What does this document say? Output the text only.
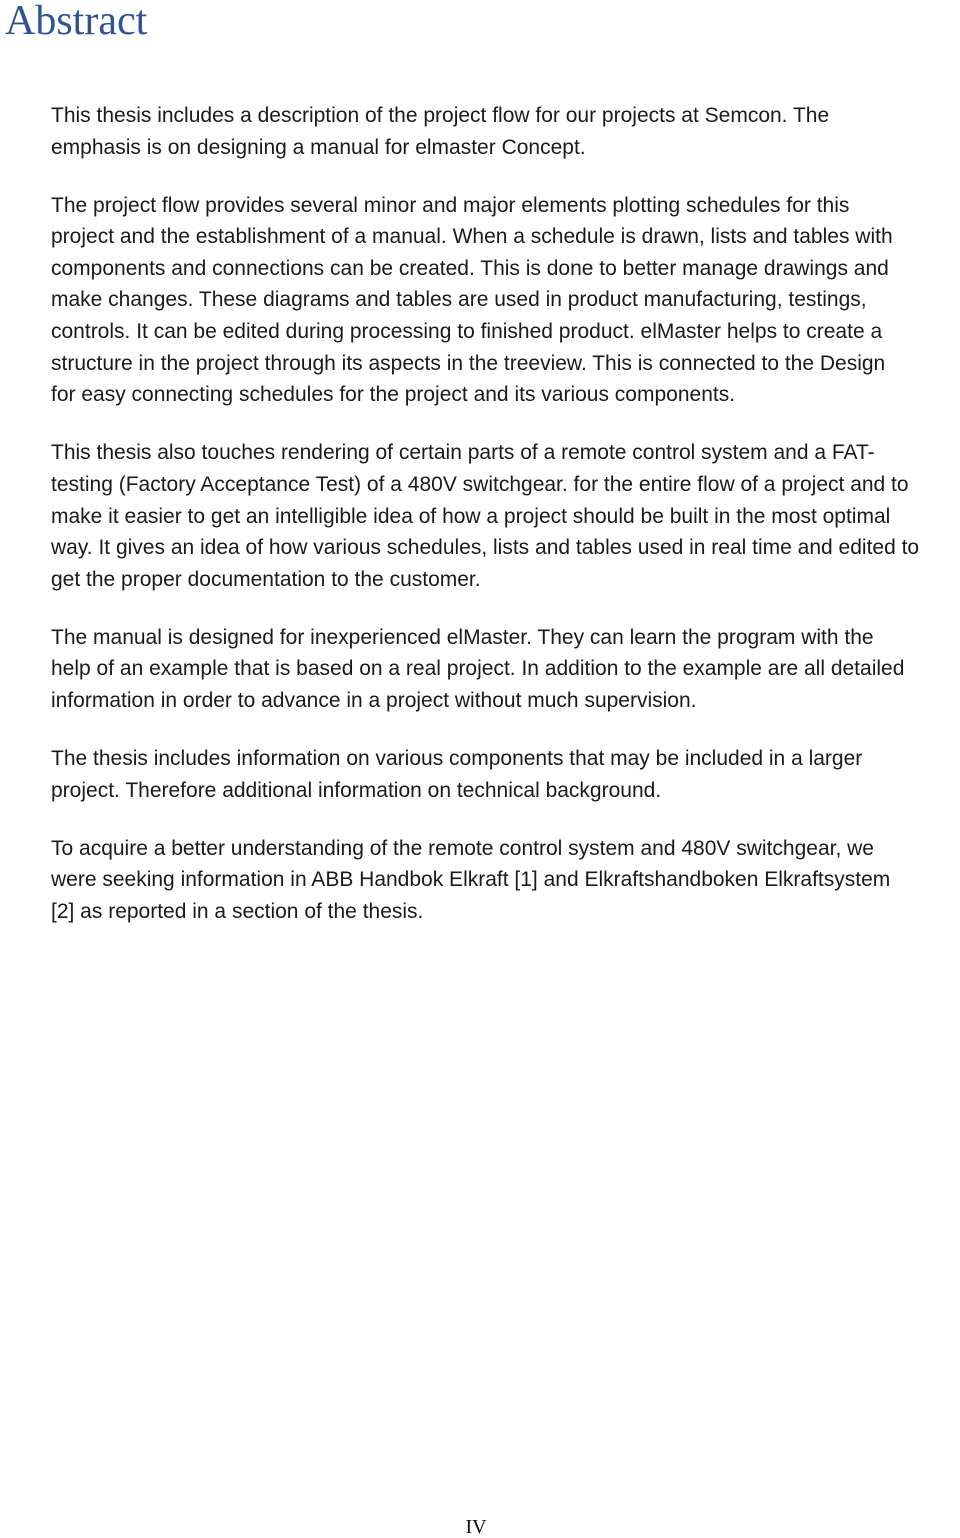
Abstract
This thesis includes a description of the project flow for our projects at Semcon. The
emphasis is on designing a manual for elmaster Concept.
The project flow provides several minor and major elements plotting schedules for this
project and the establishment of a manual. When a schedule is drawn, lists and tables with
components and connections can be created. This is done to better manage drawings and
make changes. These diagrams and tables are used in product manufacturing, testings,
controls. It can be edited during processing to finished product. elMaster helps to create a
structure in the project through its aspects in the treeview. This is connected to the Design
for easy connecting schedules for the project and its various components.
This thesis also touches rendering of certain parts of a remote control system and a FAT-
testing (Factory Acceptance Test) of a 480V switchgear. for the entire flow of a project and to
make it easier to get an intelligible idea of how a project should be built in the most optimal
way. It gives an idea of how various schedules, lists and tables used in real time and edited to
get the proper documentation to the customer.
The manual is designed for inexperienced elMaster. They can learn the program with the
help of an example that is based on a real project. In addition to the example are all detailed
information in order to advance in a project without much supervision.
The thesis includes information on various components that may be included in a larger
project. Therefore additional information on technical background.
To acquire a better understanding of the remote control system and 480V switchgear, we
were seeking information in ABB Handbok Elkraft [1] and Elkraftshandboken Elkraftsystem
[2] as reported in a section of the thesis.
IV
